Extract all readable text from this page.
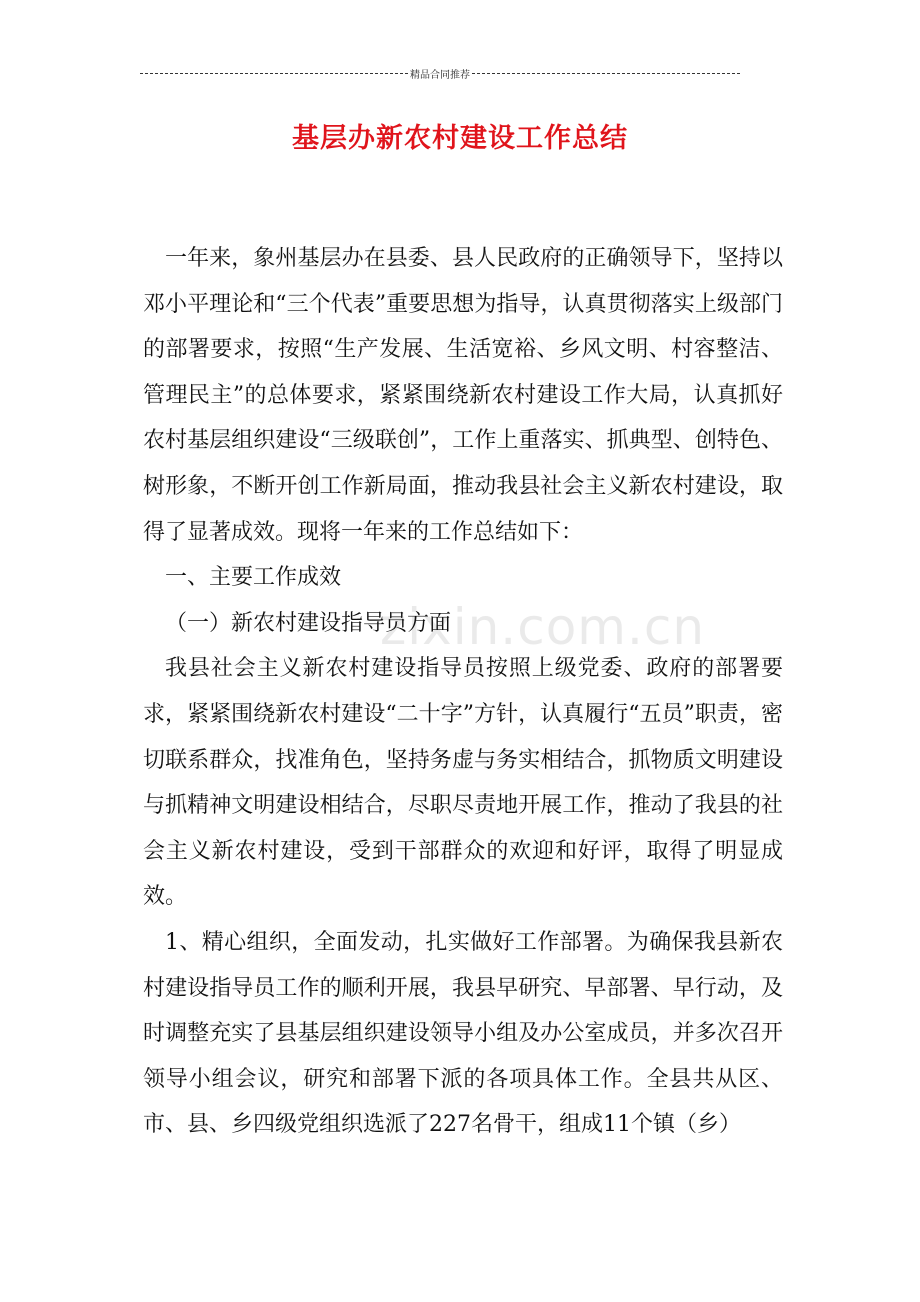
精品合同推荐
基层办新农村建设工作总结
zixin.com.cn

一年来，象州基层办在县委、县人民政府的正确领导下，坚持以邓小平理论和“三个代表”重要思想为指导，认真贯彻落实上级部门的部署要求，按照“生产发展、生活宽裕、乡风文明、村容整洁、管理民主”的总体要求，紧紧围绕新农村建设工作大局，认真抓好农村基层组织建设“三级联创”，工作上重落实、抓典型、创特色、树形象，不断开创工作新局面，推动我县社会主义新农村建设，取得了显著成效。现将一年来的工作总结如下：

一、主要工作成效

（一）新农村建设指导员方面

我县社会主义新农村建设指导员按照上级党委、政府的部署要求，紧紧围绕新农村建设“二十字”方针，认真履行“五员”职责，密切联系群众，找准角色，坚持务虚与务实相结合，抓物质文明建设与抓精神文明建设相结合，尽职尽责地开展工作，推动了我县的社会主义新农村建设，受到干部群众的欢迎和好评，取得了明显成效。

1、精心组织，全面发动，扎实做好工作部署。为确保我县新农村建设指导员工作的顺利开展，我县早研究、早部署、早行动，及时调整充实了县基层组织建设领导小组及办公室成员，并多次召开领导小组会议，研究和部署下派的各项具体工作。全县共从区、市、县、乡四级党组织选派了227名骨干，组成11个镇（乡）
